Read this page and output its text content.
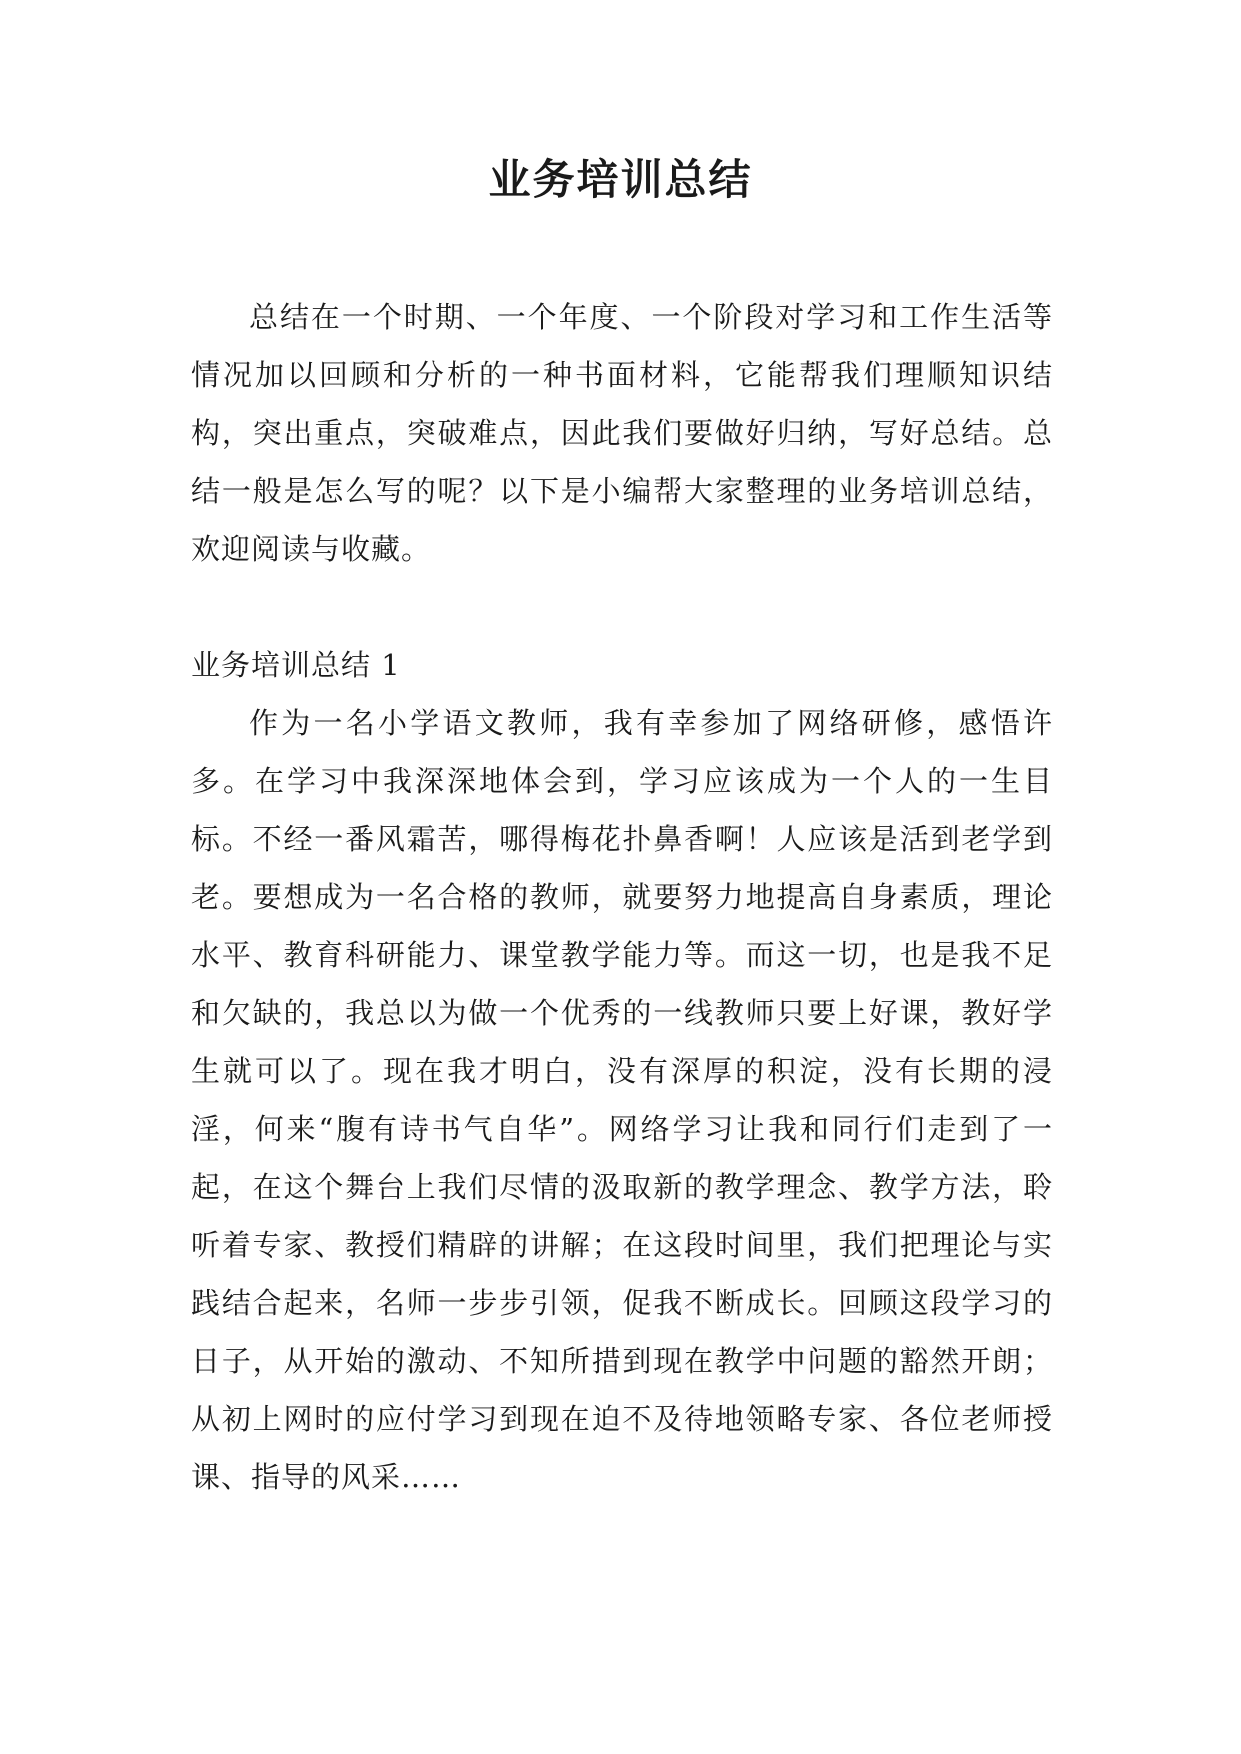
业务培训总结

总结在一个时期、一个年度、一个阶段对学习和工作生活等情况加以回顾和分析的一种书面材料，它能帮我们理顺知识结构，突出重点，突破难点，因此我们要做好归纳，写好总结。总结一般是怎么写的呢？以下是小编帮大家整理的业务培训总结，欢迎阅读与收藏。

业务培训总结 1

作为一名小学语文教师，我有幸参加了网络研修，感悟许多。在学习中我深深地体会到，学习应该成为一个人的一生目标。不经一番风霜苦，哪得梅花扑鼻香啊！人应该是活到老学到老。要想成为一名合格的教师，就要努力地提高自身素质，理论水平、教育科研能力、课堂教学能力等。而这一切，也是我不足和欠缺的，我总以为做一个优秀的一线教师只要上好课，教好学生就可以了。现在我才明白，没有深厚的积淀，没有长期的浸淫，何来“腹有诗书气自华”。网络学习让我和同行们走到了一起，在这个舞台上我们尽情的汲取新的教学理念、教学方法，聆听着专家、教授们精辟的讲解；在这段时间里，我们把理论与实践结合起来，名师一步步引领，促我不断成长。回顾这段学习的日子，从开始的激动、不知所措到现在教学中问题的豁然开朗；从初上网时的应付学习到现在迫不及待地领略专家、各位老师授课、指导的风采……
